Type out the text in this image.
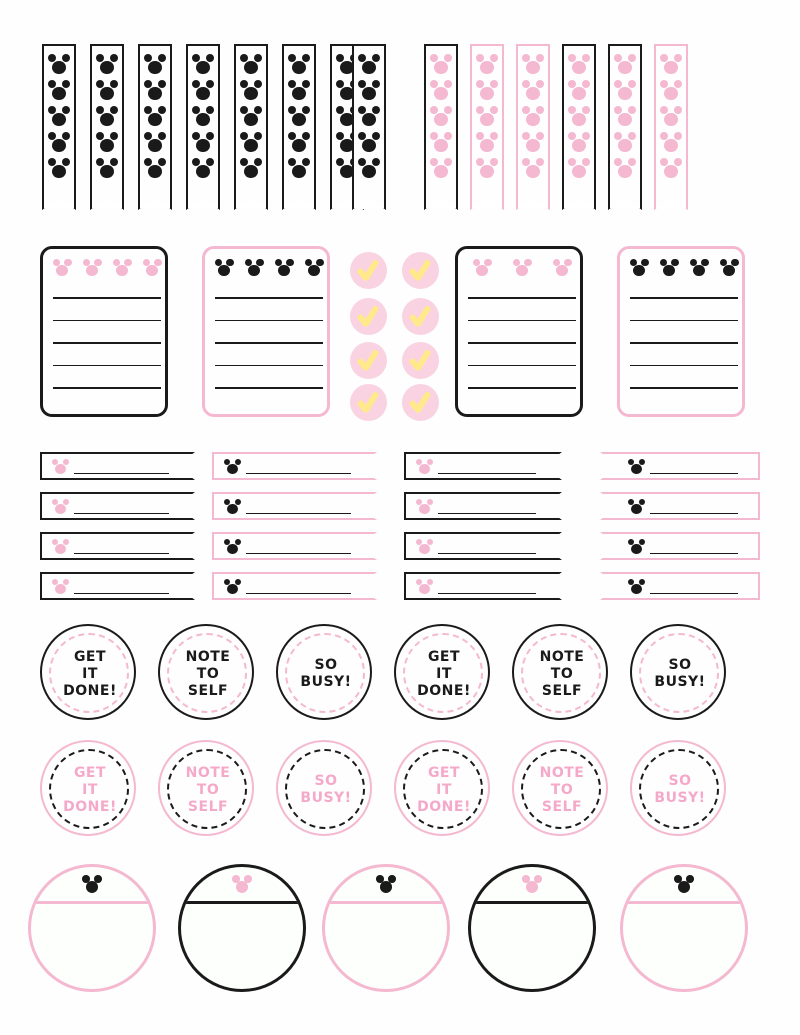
GET
IT
DONE!
NOTE
TO
SELF
SO
BUSY!
GET
IT
DONE!
NOTE
TO
SELF
SO
BUSY!
GET
IT
DONE!
NOTE
TO
SELF
SO
BUSY!
GET
IT
DONE!
NOTE
TO
SELF
SO
BUSY!
